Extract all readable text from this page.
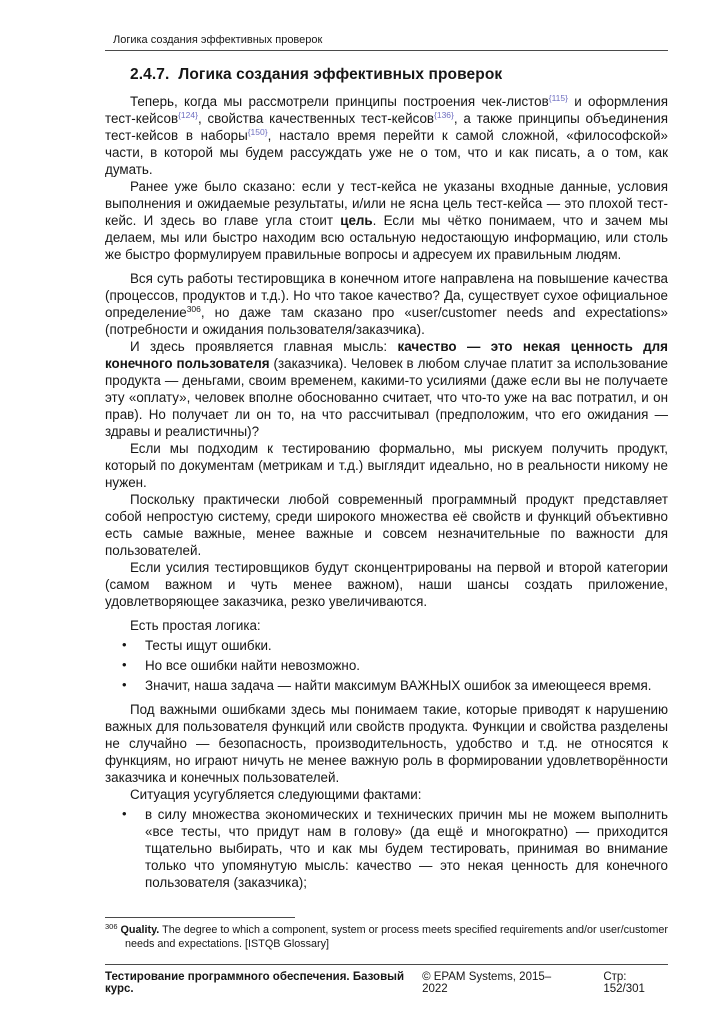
Логика создания эффективных проверок
2.4.7. Логика создания эффективных проверок

Теперь, когда мы рассмотрели принципы построения чек-листов$^{\{115\}}$ и оформления тест-кейсов$^{\{124\}}$, свойства качественных тест-кейсов$^{\{136\}}$, а также принципы объединения тест-кейсов в наборы$^{\{150\}}$, настало время перейти к самой сложной, «философской» части, в которой мы будем рассуждать уже не о том, что и как писать, а о том, как думать.

Ранее уже было сказано: если у тест-кейса не указаны входные данные, условия выполнения и ожидаемые результаты, и/или не ясна цель тест-кейса — это плохой тест-кейс. И здесь во главе угла стоит цель. Если мы чётко понимаем, что и зачем мы делаем, мы или быстро находим всю остальную недостающую информацию, или столь же быстро формулируем правильные вопросы и адресуем их правильным людям.

Вся суть работы тестировщика в конечном итоге направлена на повышение качества (процессов, продуктов и т.д.). Но что такое качество? Да, существует сухое официальное определение$^{306}$, но даже там сказано про «user/customer needs and expectations» (потребности и ожидания пользователя/заказчика).

И здесь проявляется главная мысль: качество — это некая ценность для конечного пользователя (заказчика). Человек в любом случае платит за использование продукта — деньгами, своим временем, какими-то усилиями (даже если вы не получаете эту «оплату», человек вполне обоснованно считает, что что-то уже на вас потратил, и он прав). Но получает ли он то, на что рассчитывал (предположим, что его ожидания — здравы и реалистичны)?

Если мы подходим к тестированию формально, мы рискуем получить продукт, который по документам (метрикам и т.д.) выглядит идеально, но в реальности никому не нужен.

Поскольку практически любой современный программный продукт представляет собой непростую систему, среди широкого множества её свойств и функций объективно есть самые важные, менее важные и совсем незначительные по важности для пользователей.

Если усилия тестировщиков будут сконцентрированы на первой и второй категории (самом важном и чуть менее важном), наши шансы создать приложение, удовлетворяющее заказчика, резко увеличиваются.

Есть простая логика:

• Тесты ищут ошибки.
• Но все ошибки найти невозможно.
• Значит, наша задача — найти максимум ВАЖНЫХ ошибок за имеющееся время.

Под важными ошибками здесь мы понимаем такие, которые приводят к нарушению важных для пользователя функций или свойств продукта. Функции и свойства разделены не случайно — безопасность, производительность, удобство и т.д. не относятся к функциям, но играют ничуть не менее важную роль в формировании удовлетворённости заказчика и конечных пользователей.

Ситуация усугубляется следующими фактами:

• в силу множества экономических и технических причин мы не можем выполнить «все тесты, что придут нам в голову» (да ещё и многократно) — приходится тщательно выбирать, что и как мы будем тестировать, принимая во внимание только что упомянутую мысль: качество — это некая ценность для конечного пользователя (заказчика);

$^{306}$ Quality. The degree to which a component, system or process meets specified requirements and/or user/customer needs and expectations. [ISTQB Glossary]

Тестирование программного обеспечения. Базовый курс.
© EPAM Systems, 2015–2022
Стр: 152/301
